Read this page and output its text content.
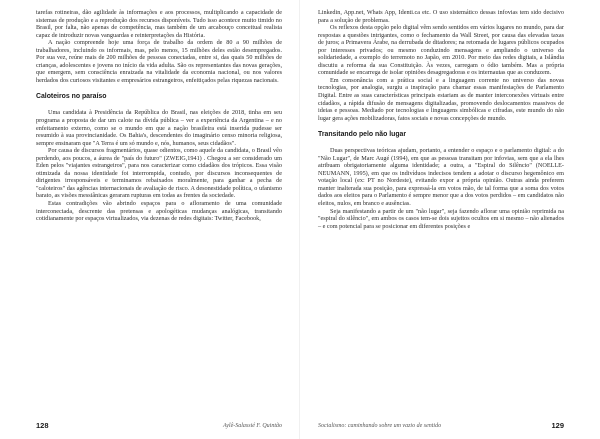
tarefas rotineiras, dão agilidade às informações e aos processos, multiplicando a capacidade de sistemas de produção e a reprodução dos recursos disponíveis. Tudo isso acontece muito timido no Brasil, por falta, não apenas de competência, mas também de um arcabouço conceitual realista capaz de introduzir novas vanguardas e reinterpretações da História.

A nação compreende hoje uma força de trabalho da ordem de 80 a 90 milhões de trabalhadores, incluindo os informais, mas, pelo menos, 15 milhões deles estão desempregados. Por sua vez, reúne mais de 200 milhões de pessoas conectadas, entre si, das quais 50 milhões de crianças, adolescentes e jovens no início da vida adulta. São os representantes das novas gerações, que emergem, sem consciência enraizada na vitalidade da economia nacional, ou nos valores herdados dos curiosos visitantes e empresários estrangeiros, enfeitiçados pelas riquezas nacionais.

Caloteiros no paraíso

Uma candidata à Presidência da República do Brasil, nas eleições de 2018, tinha em seu programa a proposta de dar um calote na dívida pública – ver a experiência da Argentina – e no enfeitamento externo, como se o mundo em que a nação brasileira está inserida pudesse ser resumido à sua provincianidade. Os Bahia's, descendentes do imaginário censo minoria religiosa, sempre ensinaram que "A Terra é um só mundo e, nós, humanos, seus cidadãos".

Por causa de discursos fragmentários, quase odientos, como aquele da candidata, o Brasil vêo perdendo, aos poucos, a áurea de "país do futuro" (ZWEIG,1941) . Chegou a ser considerado um Eden pelos "viajantes estrangeiros", para nos caracterizar como cidadãos dos trópicos. Essa visão otimizada da nossa identidade foi interrompida, contudo, por discursos inconsequentes de dirigentes irresponsáveis e terminamos rebaixados moralmente, para ganhar a pecha de "caloteiros" das agências internacionais de avaliação de risco. A desonestidade política, o ufanismo barato, as visões messiânicas geraram rupturas em todas as frentes da sociedade.

Estas contradições vão abrindo espaços para o afloramento de uma comunidade interconectada, descrente das pretensas e apologéticas mudanças analógicas, transitando cotidianamente por espaços virtualizados, via dezenas de redes digitais: Twitter, Facebook,

128	Aylê-Salassié F. Quintão

Linkedin, App.net, Whats App, Identi.ca etc. O uso sistemático dessas infovias tem sido decisivo para a solução de problemas.

Os reflexos desta opção pelo digital vêm sendo sentidos em vários lugares no mundo, para dar respostas a questões intrigantes, como o fechamento da Wall Street, por causa das elevadas taxas de juros; a Primavera Árabe, na derrubada de ditadores; na retomada de lugares públicos ocupados por interesses privados; ou mesmo conduzindo mensagens e ampliando o universo da solidariedade, a exemplo do terremoto no Japão, em 2010. Por meio das redes digitais, a Islândia discutiu a reforma da sua Constituição. Às vezes, carregam o ódio também. Mas a própria comunidade se encarrega de isolar opiniões desagregadoras e os internautas que as conduzem.

Em consonância com a prática social e a linguagem corrente no universo das novas tecnologias, por analogia, surgiu a inspiração para chamar essas manifestações de Parlamento Digital. Entre as suas características principais estariam as de manter interconexões virtuais entre cidadãos, a rápida difusão de mensagens digitalizadas, promovendo deslocamentos massivos de ideias e pessoas. Mediado por tecnologias e linguagens simbólicas e cifradas, este mundo do não lugar gera ações mobilizadoras, fatos sociais e novas concepções de mundo.

Transitando pelo não lugar

Duas perspectivas teóricas ajudam, portanto, a entender o espaço e o parlamento digital: a do "Não Lugar", de Marc Augé (1994), em que as pessoas transitam por infovias, sem que a ela lhes atribuam obrigatoriamente alguma identidade; a outra, a "Espiral do Silêncio" (NOELLE-NEUMANN, 1995), em que os indivíduos indecisos tendem a adotar o discurso hegemônico em votação local (ex: PT no Nordeste), evitando expor a própria opinião. Outras ainda preferem manter inalterada sua posição, para expressá-la em votos mão, de tal forma que a soma dos votos dados aos eleitos para o Parlamento é sempre menor que a dos votos perdidos – em candidatos não eleitos, nulos, em branco e ausências.

Seja manifestando a partir de um "não lugar", seja fazendo aflorar uma opinião reprimida na "espiral do silêncio", em ambos os casos tem-se dois sujeitos ocultos em si mesmo – não alienados – e com potencial para se posicionar em diferentes posições e

Socialismo: caminhando sobre um vazio de sentido	129
